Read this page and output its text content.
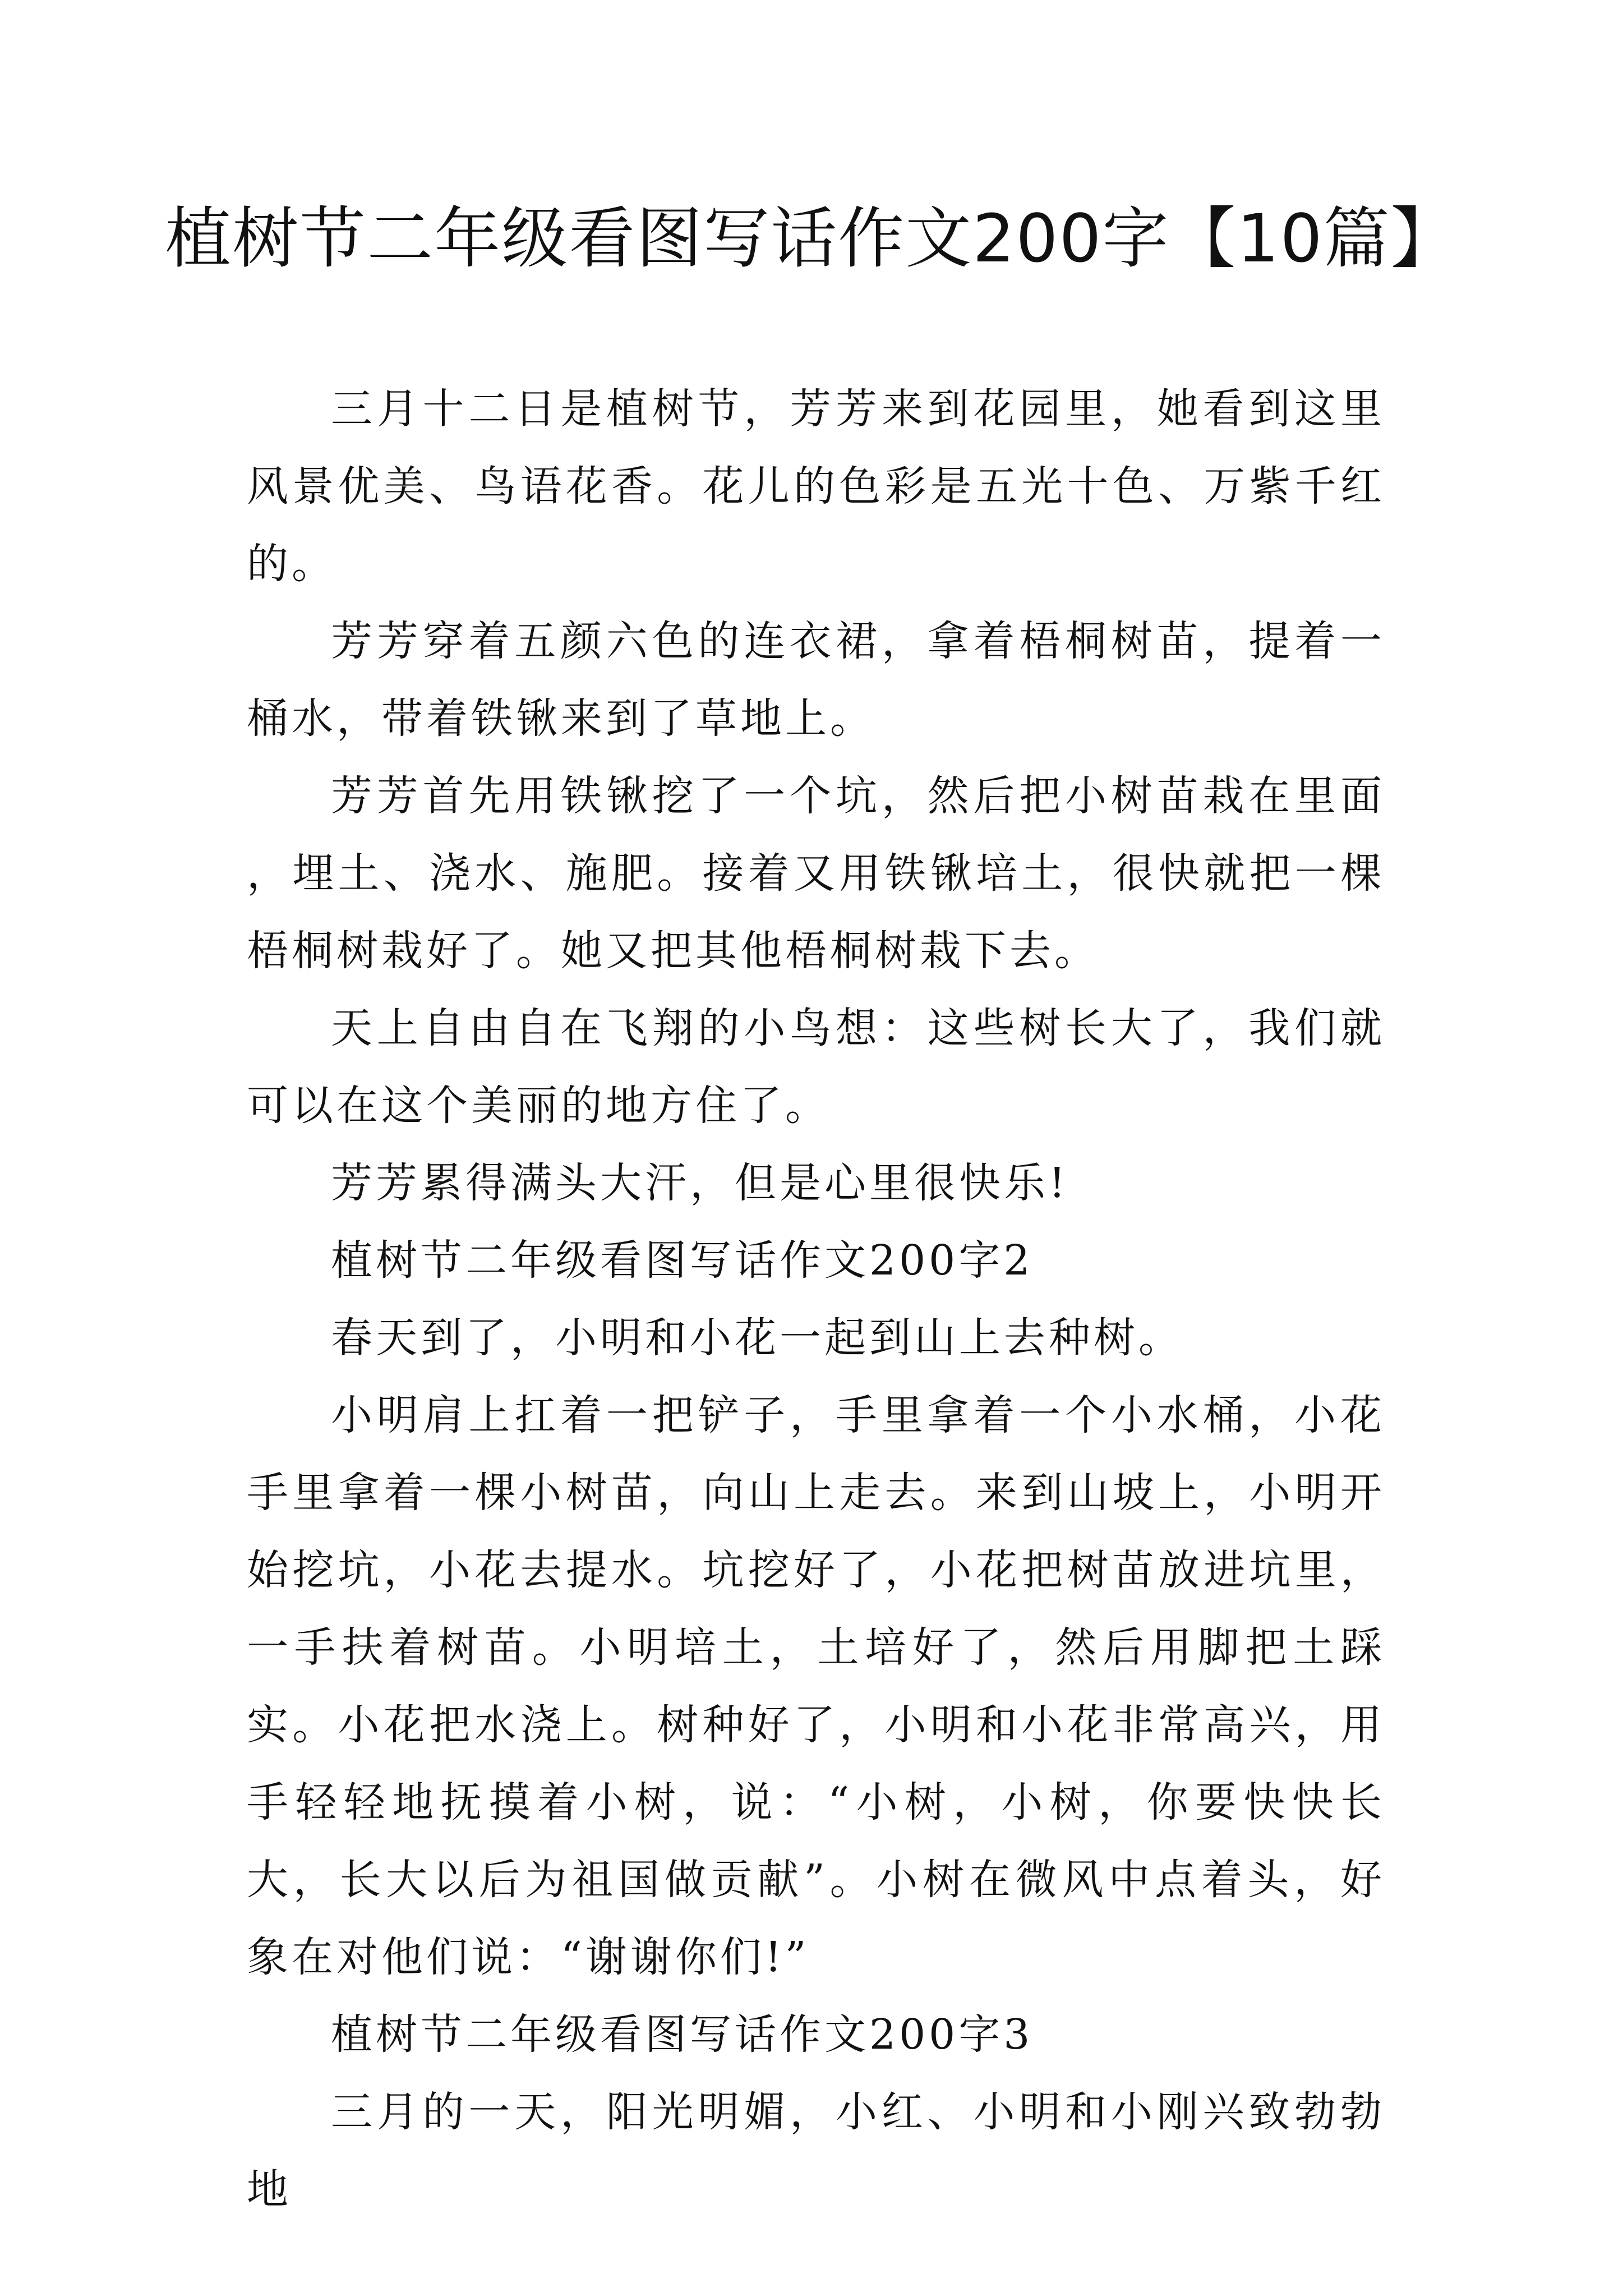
植树节二年级看图写话作文200字【10篇】

三月十二日是植树节，芳芳来到花园里，她看到这里风景优美、鸟语花香。花儿的色彩是五光十色、万紫千红的。

芳芳穿着五颜六色的连衣裙，拿着梧桐树苗，提着一桶水，带着铁锹来到了草地上。

芳芳首先用铁锹挖了一个坑，然后把小树苗栽在里面 ，埋土、浇水、施肥。接着又用铁锹培土，很快就把一棵梧桐树栽好了。她又把其他梧桐树栽下去。

天上自由自在飞翔的小鸟想：这些树长大了，我们就可以在这个美丽的地方住了。

芳芳累得满头大汗，但是心里很快乐!

植树节二年级看图写话作文200字2

春天到了，小明和小花一起到山上去种树。

小明肩上扛着一把铲子，手里拿着一个小水桶，小花手里拿着一棵小树苗，向山上走去。来到山坡上，小明开始挖坑，小花去提水。坑挖好了，小花把树苗放进坑里，一手扶着树苗。小明培土，土培好了，然后用脚把土踩实。小花把水浇上。树种好了，小明和小花非常高兴，用手轻轻地抚摸着小树，说：“小树，小树，你要快快长大，长大以后为祖国做贡献”。小树在微风中点着头，好象在对他们说：“谢谢你们!”

植树节二年级看图写话作文200字3

三月的一天，阳光明媚，小红、小明和小刚兴致勃勃地
